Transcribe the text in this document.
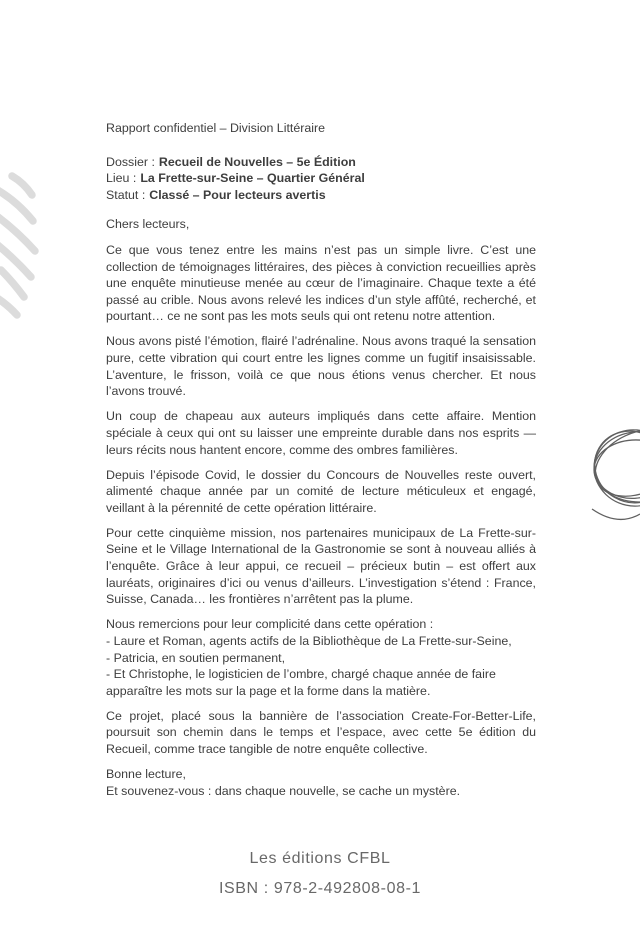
Rapport confidentiel – Division Littéraire
Dossier : Recueil de Nouvelles – 5e Édition
Lieu : La Frette-sur-Seine – Quartier Général
Statut : Classé – Pour lecteurs avertis
Chers lecteurs,

Ce que vous tenez entre les mains n’est pas un simple livre. C’est une collection de témoignages littéraires, des pièces à conviction recueillies après une enquête minutieuse menée au cœur de l’imaginaire. Chaque texte a été passé au crible. Nous avons relevé les indices d’un style affûté, recherché, et pourtant… ce ne sont pas les mots seuls qui ont retenu notre attention.

Nous avons pisté l’émotion, flairé l’adrénaline. Nous avons traqué la sensation pure, cette vibration qui court entre les lignes comme un fugitif insaisissable. L’aventure, le frisson, voilà ce que nous étions venus chercher. Et nous l’avons trouvé.

Un coup de chapeau aux auteurs impliqués dans cette affaire. Mention spéciale à ceux qui ont su laisser une empreinte durable dans nos esprits — leurs récits nous hantent encore, comme des ombres familières.

Depuis l’épisode Covid, le dossier du Concours de Nouvelles reste ouvert, alimenté chaque année par un comité de lecture méticuleux et engagé, veillant à la pérennité de cette opération littéraire.

Pour cette cinquième mission, nos partenaires municipaux de La Frette-sur-Seine et le Village International de la Gastronomie se sont à nouveau alliés à l’enquête. Grâce à leur appui, ce recueil – précieux butin – est offert aux lauréats, originaires d’ici ou venus d’ailleurs. L’investigation s’étend : France, Suisse, Canada… les frontières n’arrêtent pas la plume.

Nous remercions pour leur complicité dans cette opération :
- Laure et Roman, agents actifs de la Bibliothèque de La Frette-sur-Seine,
- Patricia, en soutien permanent,
- Et Christophe, le logisticien de l’ombre, chargé chaque année de faire apparaître les mots sur la page et la forme dans la matière.

Ce projet, placé sous la bannière de l’association Create-For-Better-Life, poursuit son chemin dans le temps et l’espace, avec cette 5e édition du Recueil, comme trace tangible de notre enquête collective.

Bonne lecture,
Et souvenez-vous : dans chaque nouvelle, se cache un mystère.
Les éditions CFBL
ISBN : 978-2-492808-08-1
